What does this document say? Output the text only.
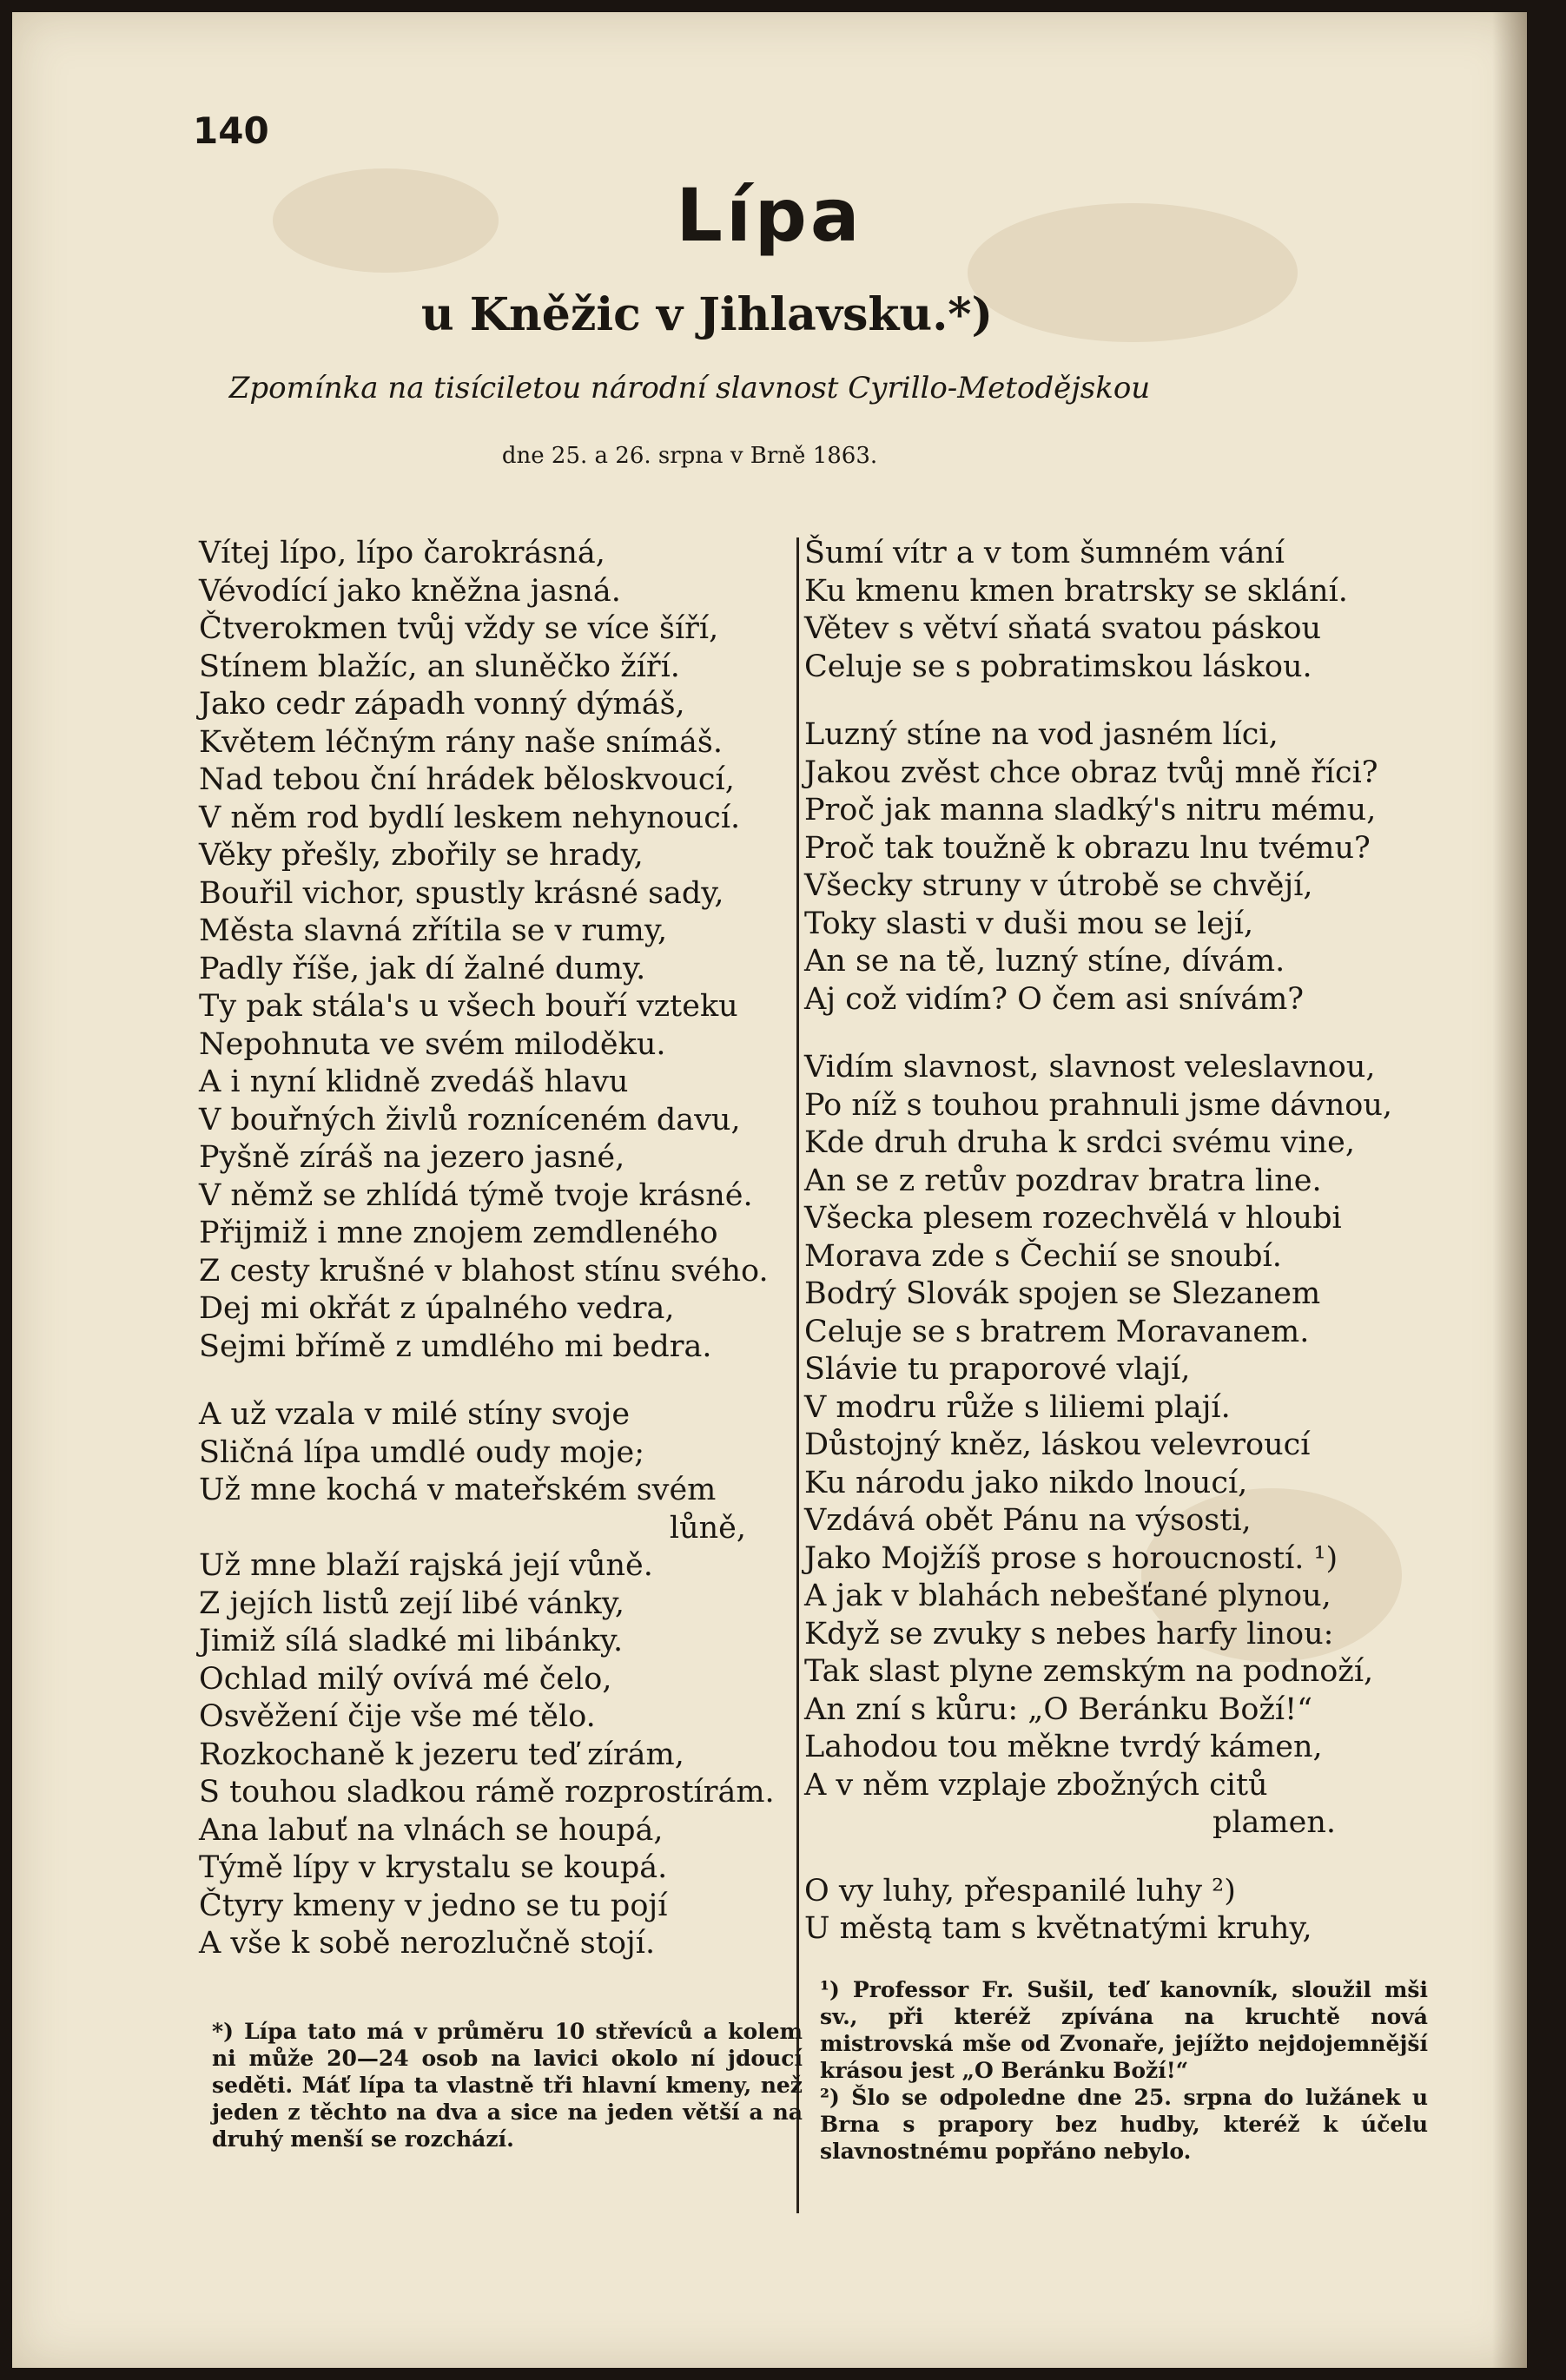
140
Lípa
u Kněžic v Jihlavsku.*)
Zpomínka na tisíciletou národní slavnost Cyrillo-Metodějskou
dne 25. a 26. srpna v Brně 1863.
Vítej lípo, lípo čarokrásná,
Vévodící jako kněžna jasná.
Čtverokmen tvůj vždy se více šíří,
Stínem blažíc, an sluněčko žíří.
Jako cedr západh vonný dýmáš,
Květem léčným rány naše snímáš.
Nad tebou ční hrádek běloskvoucí,
V něm rod bydlí leskem nehynoucí.
Věky přešly, zbořily se hrady,
Bouřil vichor, spustly krásné sady,
Města slavná zřítila se v rumy,
Padly říše, jak dí žalné dumy.
Ty pak stála's u všech bouří vzteku
Nepohnuta ve svém miloděku.
A i nyní klidně zvedáš hlavu
V bouřných živlů rozníceném davu,
Pyšně zíráš na jezero jasné,
V němž se zhlídá týmě tvoje krásné.
Přijmiž i mne znojem zemdleného
Z cesty krušné v blahost stínu svého.
Dej mi okřát z úpalného vedra,
Sejmi břímě z umdlého mi bedra.
A už vzala v milé stíny svoje
Sličná lípa umdlé oudy moje;
Už mne kochá v mateřském svém
lůně,
Už mne blaží rajská její vůně.
Z jejích listů zejí libé vánky,
Jimiž sílá sladké mi libánky.
Ochlad milý ovívá mé čelo,
Osvěžení čije vše mé tělo.
Rozkochaně k jezeru teď zírám,
S touhou sladkou rámě rozprostírám.
Ana labuť na vlnách se houpá,
Týmě lípy v krystalu se koupá.
Čtyry kmeny v jedno se tu pojí
A vše k sobě nerozlučně stojí.
Šumí vítr a v tom šumném vání
Ku kmenu kmen bratrsky se sklání.
Větev s větví sňatá svatou páskou
Celuje se s pobratimskou láskou.
Luzný stíne na vod jasném líci,
Jakou zvěst chce obraz tvůj mně říci?
Proč jak manna sladký's nitru mému,
Proč tak toužně k obrazu lnu tvému?
Všecky struny v útrobě se chvějí,
Toky slasti v duši mou se lejí,
An se na tě, luzný stíne, dívám.
Aj což vidím? O čem asi snívám?
Vidím slavnost, slavnost veleslavnou,
Po níž s touhou prahnuli jsme dávnou,
Kde druh druha k srdci svému vine,
An se z retův pozdrav bratra line.
Všecka plesem rozechvělá v hloubi
Morava zde s Čechií se snoubí.
Bodrý Slovák spojen se Slezanem
Celuje se s bratrem Moravanem.
Slávie tu praporové vlají,
V modru růže s liliemi plají.
Důstojný kněz, láskou velevroucí
Ku národu jako nikdo lnoucí,
Vzdává obět Pánu na výsosti,
Jako Mojžíš prose s horoucností. ¹)
A jak v blahách nebešťané plynou,
Když se zvuky s nebes harfy linou:
Tak slast plyne zemským na podnoží,
An zní s kůru: „O Beránku Boží!“
Lahodou tou měkne tvrdý kámen,
A v něm vzplaje zbožných citů
plamen.
O vy luhy, přespanilé luhy ²)
U městą tam s květnatými kruhy,

*) Lípa tato má v průměru 10 střevíců a kolem ni může 20—24 osob na lavici okolo ní jdoucí seděti. Máť lípa ta vlastně tři hlavní kmeny, než jeden z těchto na dva a sice na jeden větší a na druhý menší se rozchází.

¹) Professor Fr. Sušil, teď kanovník, sloužil mši sv., při kteréž zpívána na kruchtě nová mistrovská mše od Zvonaře, jejížto nejdojemnější krásou jest „O Beránku Boží!“

²) Šlo se odpoledne dne 25. srpna do lužánek u Brna s prapory bez hudby, kteréž k účelu slavnostnému popřáno nebylo.
